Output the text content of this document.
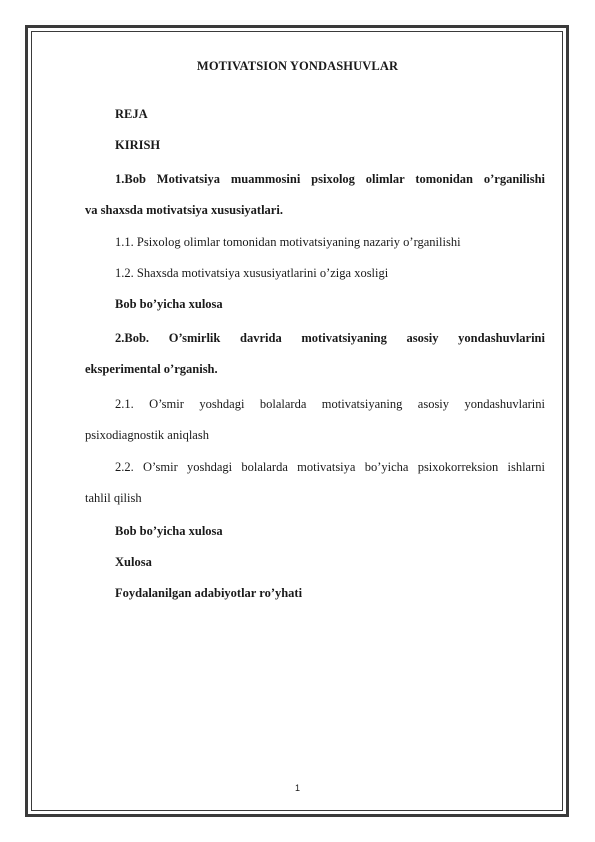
MOTIVATSION YONDASHUVLAR
REJA
KIRISH
1.Bob Motivatsiya muammosini psixolog olimlar tomonidan o’rganilishi
va shaxsda motivatsiya xususiyatlari.
1.1. Psixolog olimlar tomonidan motivatsiyaning nazariy o’rganilishi
1.2. Shaxsda motivatsiya xususiyatlarini o’ziga xosligi
Bob bo’yicha xulosa
2.Bob. O’smirlik davrida motivatsiyaning asosiy yondashuvlarini
eksperimental o’rganish.
2.1. O’smir yoshdagi bolalarda motivatsiyaning asosiy yondashuvlarini
psixodiagnostik aniqlash
2.2. O’smir yoshdagi bolalarda motivatsiya bo’yicha psixokorreksion ishlarni
tahlil qilish
Bob bo’yicha xulosa
Xulosa
Foydalanilgan adabiyotlar ro’yhati
1
